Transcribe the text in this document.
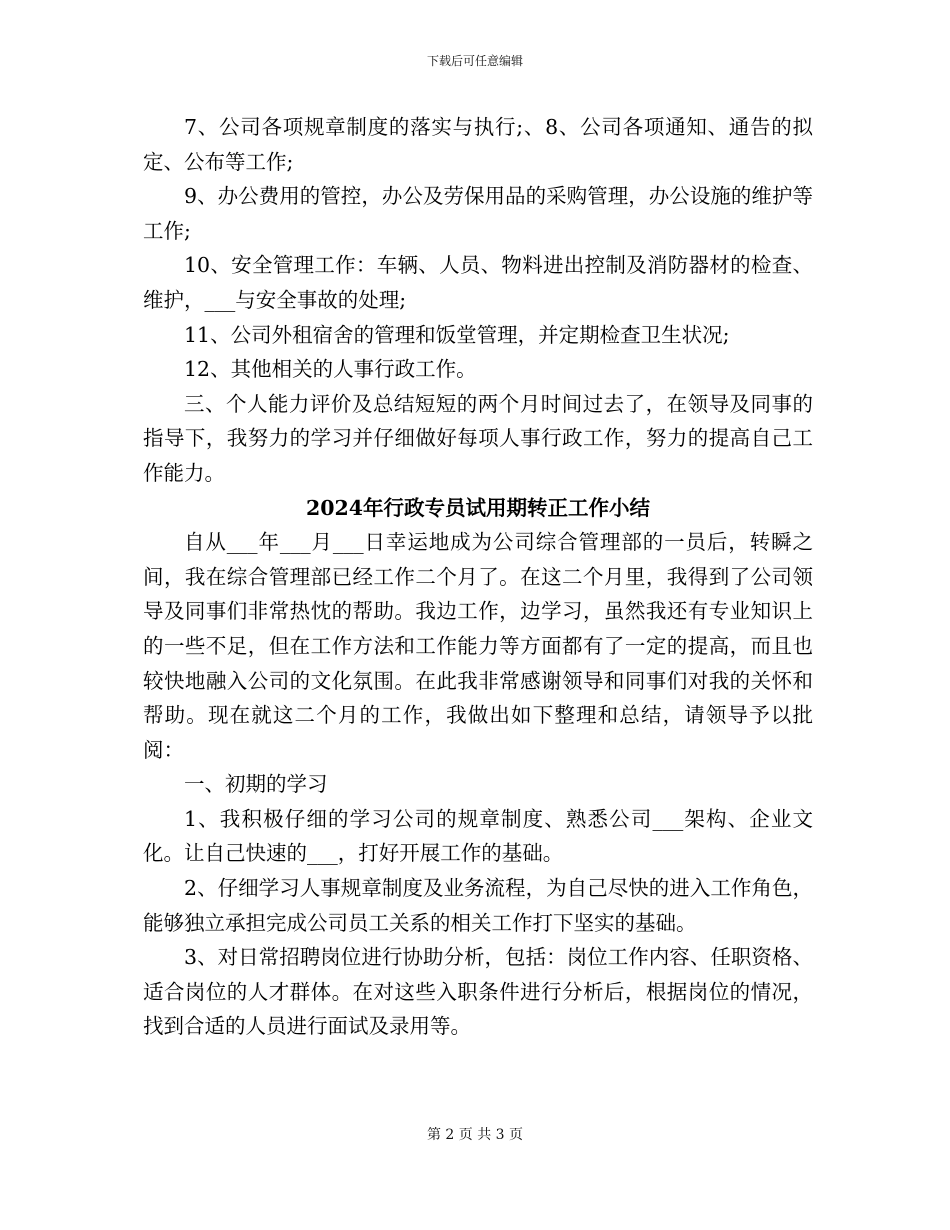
下载后可任意编辑

7、公司各项规章制度的落实与执行;、8、公司各项通知、通告的拟定、公布等工作;

9、办公费用的管控，办公及劳保用品的采购管理，办公设施的维护等工作;

10、安全管理工作：车辆、人员、物料进出控制及消防器材的检查、维护，___与安全事故的处理;

11、公司外租宿舍的管理和饭堂管理，并定期检查卫生状况;

12、其他相关的人事行政工作。

三、个人能力评价及总结短短的两个月时间过去了，在领导及同事的指导下，我努力的学习并仔细做好每项人事行政工作，努力的提高自己工作能力。

2024年行政专员试用期转正工作小结

自从___年___月___日幸运地成为公司综合管理部的一员后，转瞬之间，我在综合管理部已经工作二个月了。在这二个月里，我得到了公司领导及同事们非常热忱的帮助。我边工作，边学习，虽然我还有专业知识上的一些不足，但在工作方法和工作能力等方面都有了一定的提高，而且也较快地融入公司的文化氛围。在此我非常感谢领导和同事们对我的关怀和帮助。现在就这二个月的工作，我做出如下整理和总结，请领导予以批阅：

一、初期的学习

1、我积极仔细的学习公司的规章制度、熟悉公司___架构、企业文化。让自己快速的___，打好开展工作的基础。

2、仔细学习人事规章制度及业务流程，为自己尽快的进入工作角色，能够独立承担完成公司员工关系的相关工作打下坚实的基础。

3、对日常招聘岗位进行协助分析，包括：岗位工作内容、任职资格、适合岗位的人才群体。在对这些入职条件进行分析后，根据岗位的情况，找到合适的人员进行面试及录用等。

第 2 页 共 3 页
